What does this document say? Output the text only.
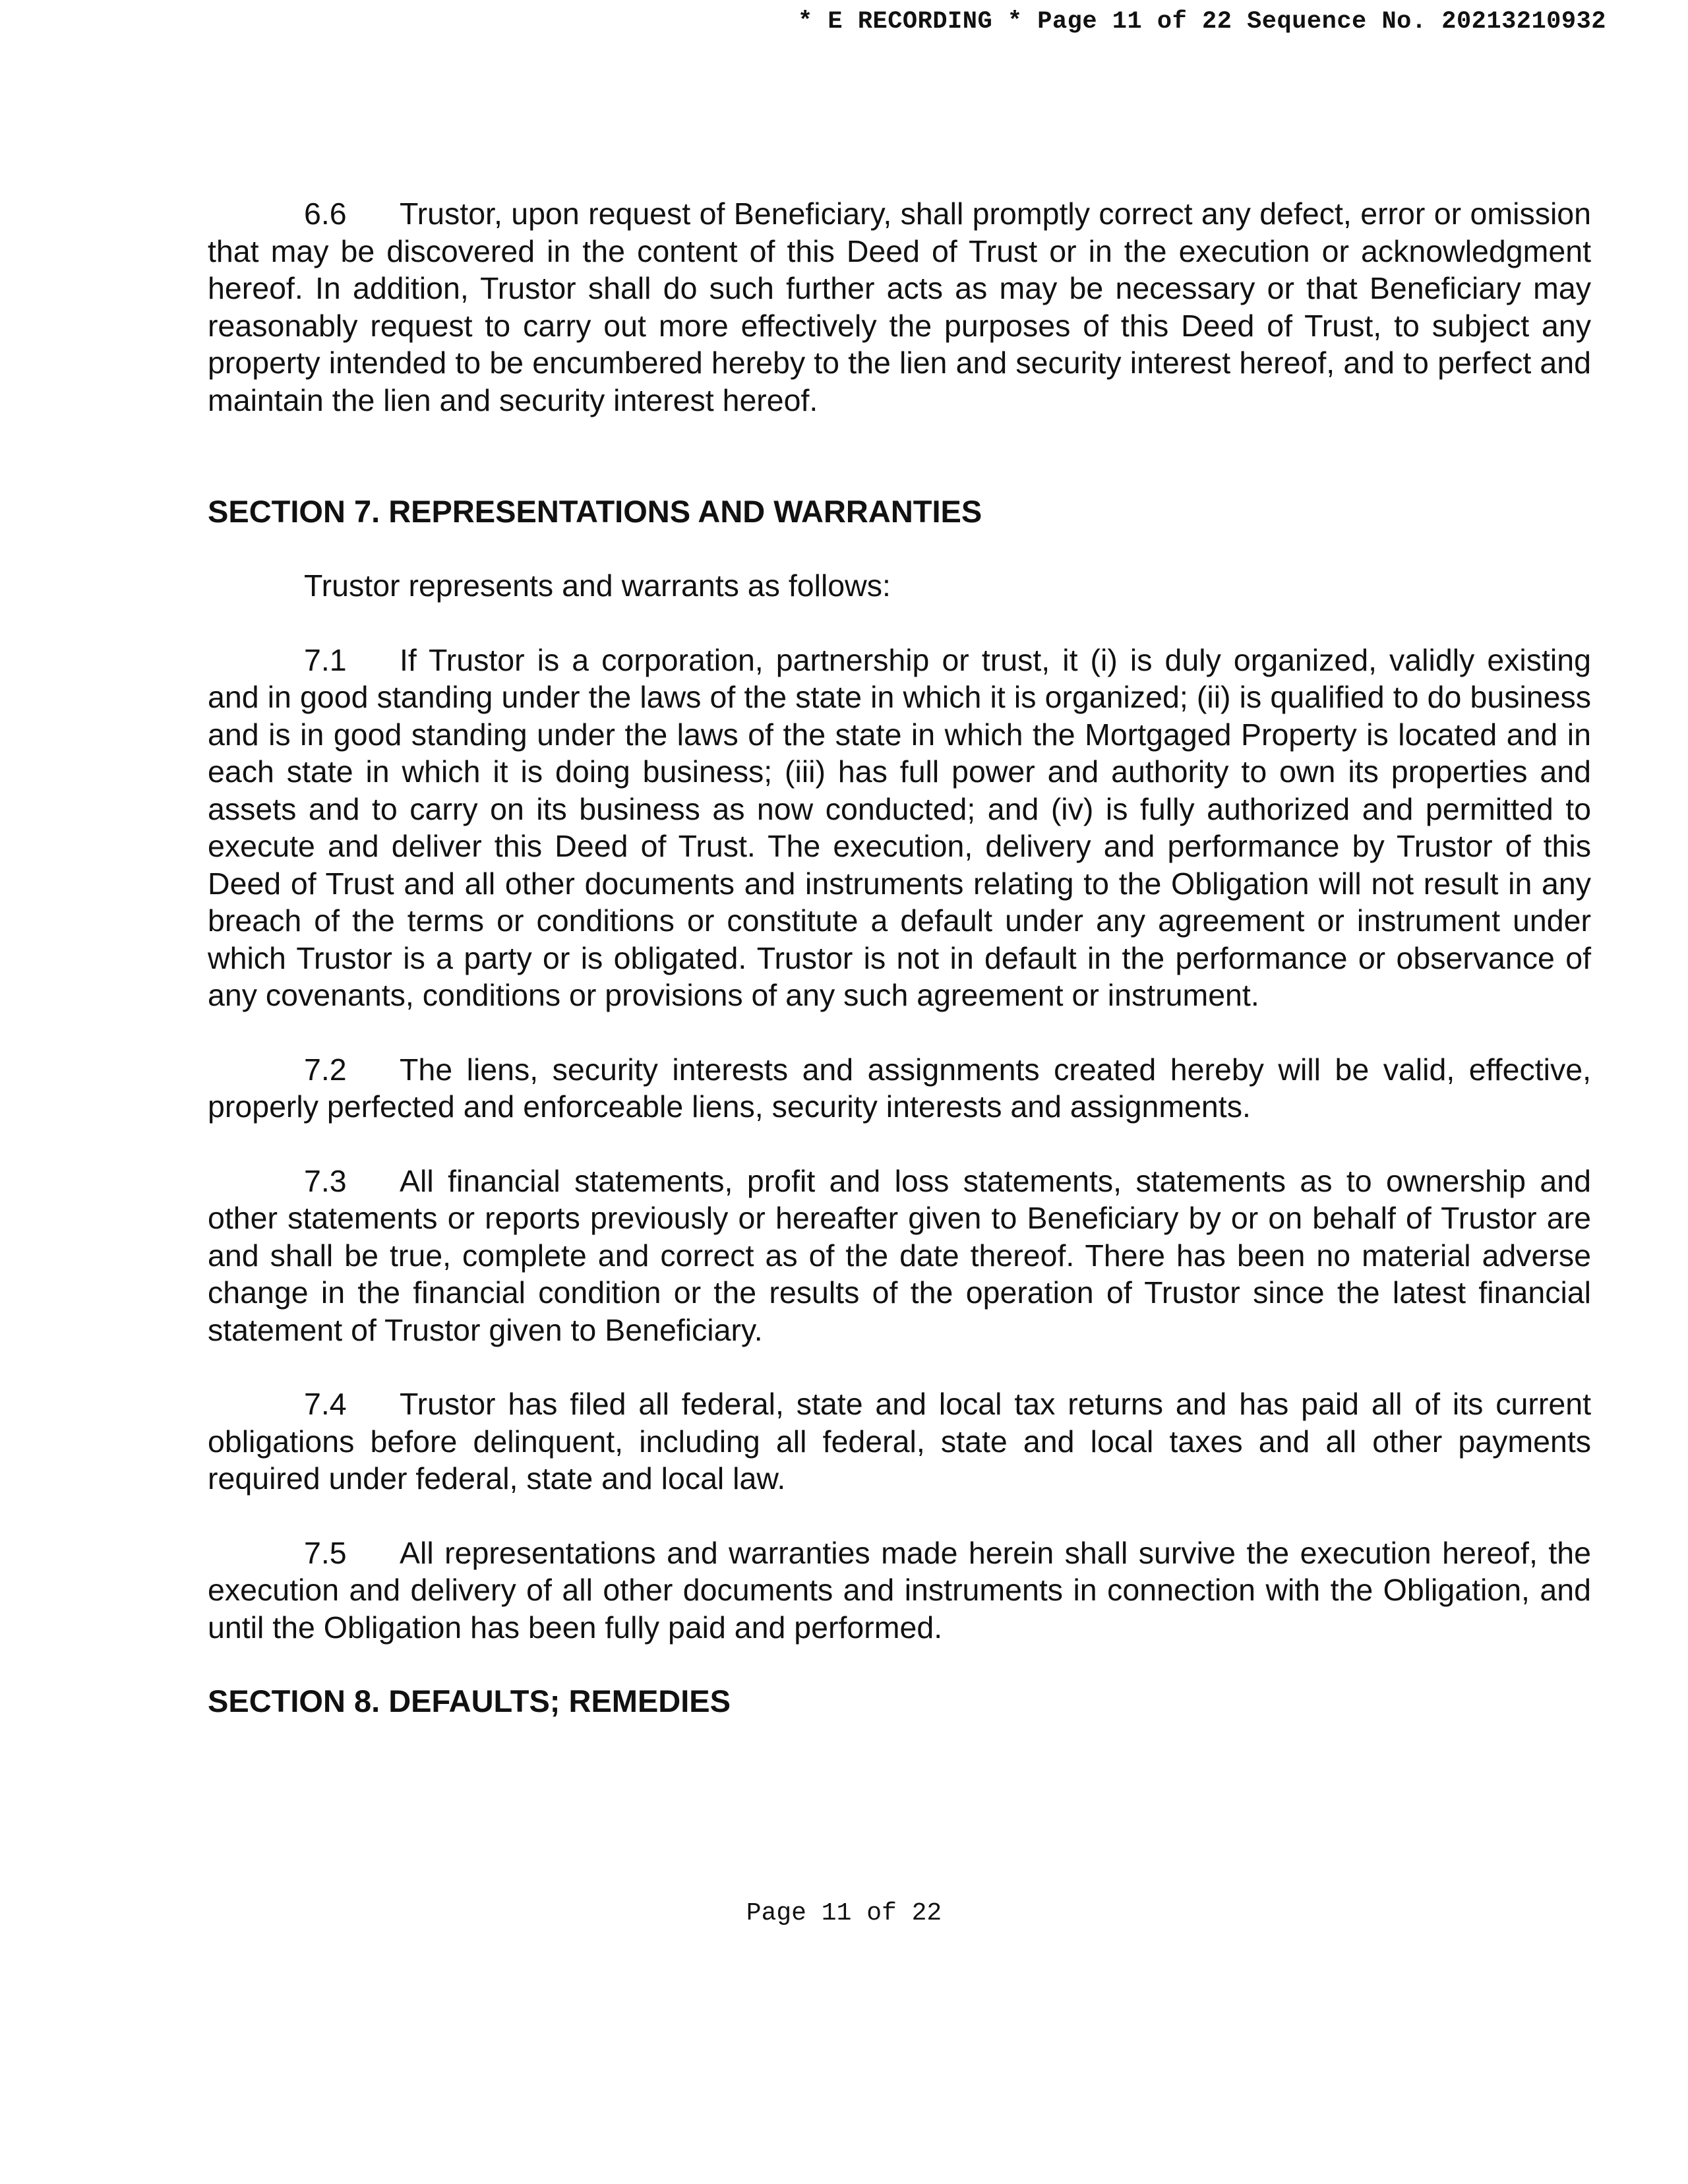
* E RECORDING * Page 11 of 22 Sequence No. 20213210932

6.6 Trustor, upon request of Beneficiary, shall promptly correct any defect, error or omission that may be discovered in the content of this Deed of Trust or in the execution or acknowledgment hereof. In addition, Trustor shall do such further acts as may be necessary or that Beneficiary may reasonably request to carry out more effectively the purposes of this Deed of Trust, to subject any property intended to be encumbered hereby to the lien and security interest hereof, and to perfect and maintain the lien and security interest hereof.

SECTION 7. REPRESENTATIONS AND WARRANTIES

Trustor represents and warrants as follows:

7.1 If Trustor is a corporation, partnership or trust, it (i) is duly organized, validly existing and in good standing under the laws of the state in which it is organized; (ii) is qualified to do business and is in good standing under the laws of the state in which the Mortgaged Property is located and in each state in which it is doing business; (iii) has full power and authority to own its properties and assets and to carry on its business as now conducted; and (iv) is fully authorized and permitted to execute and deliver this Deed of Trust. The execution, delivery and performance by Trustor of this Deed of Trust and all other documents and instruments relating to the Obligation will not result in any breach of the terms or conditions or constitute a default under any agreement or instrument under which Trustor is a party or is obligated. Trustor is not in default in the performance or observance of any covenants, conditions or provisions of any such agreement or instrument.

7.2 The liens, security interests and assignments created hereby will be valid, effective, properly perfected and enforceable liens, security interests and assignments.

7.3 All financial statements, profit and loss statements, statements as to ownership and other statements or reports previously or hereafter given to Beneficiary by or on behalf of Trustor are and shall be true, complete and correct as of the date thereof. There has been no material adverse change in the financial condition or the results of the operation of Trustor since the latest financial statement of Trustor given to Beneficiary.

7.4 Trustor has filed all federal, state and local tax returns and has paid all of its current obligations before delinquent, including all federal, state and local taxes and all other payments required under federal, state and local law.

7.5 All representations and warranties made herein shall survive the execution hereof, the execution and delivery of all other documents and instruments in connection with the Obligation, and until the Obligation has been fully paid and performed.

SECTION 8. DEFAULTS; REMEDIES

Page 11 of 22
